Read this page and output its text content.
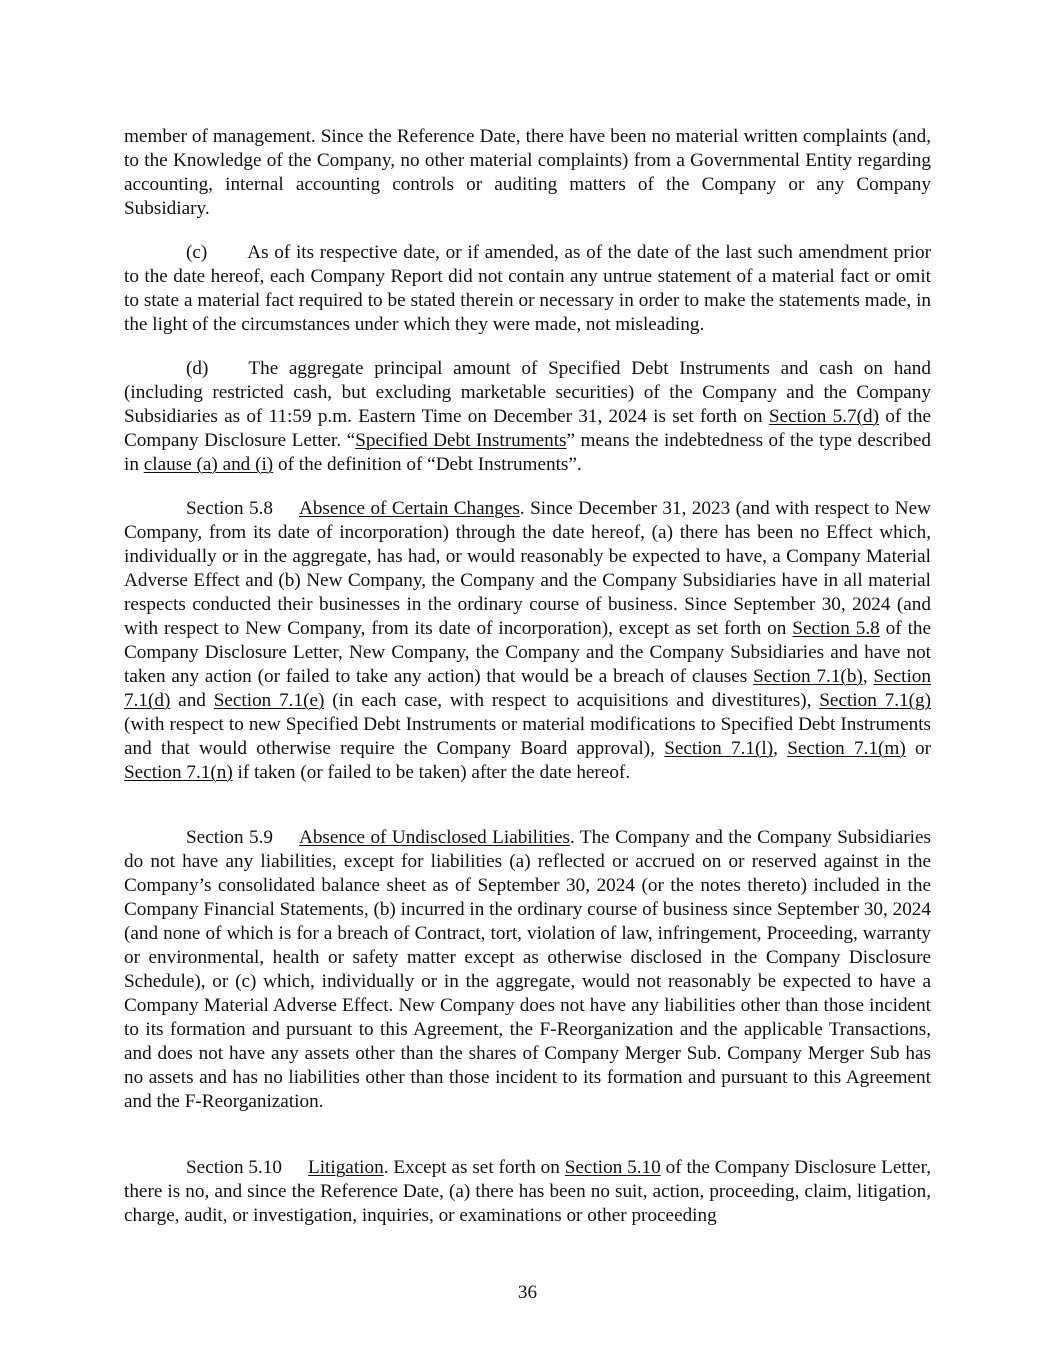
member of management. Since the Reference Date, there have been no material written complaints (and, to the Knowledge of the Company, no other material complaints) from a Governmental Entity regarding accounting, internal accounting controls or auditing matters of the Company or any Company Subsidiary.

(c) As of its respective date, or if amended, as of the date of the last such amendment prior to the date hereof, each Company Report did not contain any untrue statement of a material fact or omit to state a material fact required to be stated therein or necessary in order to make the statements made, in the light of the circumstances under which they were made, not misleading.

(d) The aggregate principal amount of Specified Debt Instruments and cash on hand (including restricted cash, but excluding marketable securities) of the Company and the Company Subsidiaries as of 11:59 p.m. Eastern Time on December 31, 2024 is set forth on Section 5.7(d) of the Company Disclosure Letter. “Specified Debt Instruments” means the indebtedness of the type described in clause (a) and (i) of the definition of “Debt Instruments”.

Section 5.8 Absence of Certain Changes. Since December 31, 2023 (and with respect to New Company, from its date of incorporation) through the date hereof, (a) there has been no Effect which, individually or in the aggregate, has had, or would reasonably be expected to have, a Company Material Adverse Effect and (b) New Company, the Company and the Company Subsidiaries have in all material respects conducted their businesses in the ordinary course of business. Since September 30, 2024 (and with respect to New Company, from its date of incorporation), except as set forth on Section 5.8 of the Company Disclosure Letter, New Company, the Company and the Company Subsidiaries and have not taken any action (or failed to take any action) that would be a breach of clauses Section 7.1(b), Section 7.1(d) and Section 7.1(e) (in each case, with respect to acquisitions and divestitures), Section 7.1(g) (with respect to new Specified Debt Instruments or material modifications to Specified Debt Instruments and that would otherwise require the Company Board approval), Section 7.1(l), Section 7.1(m) or Section 7.1(n) if taken (or failed to be taken) after the date hereof.

Section 5.9 Absence of Undisclosed Liabilities. The Company and the Company Subsidiaries do not have any liabilities, except for liabilities (a) reflected or accrued on or reserved against in the Company’s consolidated balance sheet as of September 30, 2024 (or the notes thereto) included in the Company Financial Statements, (b) incurred in the ordinary course of business since September 30, 2024 (and none of which is for a breach of Contract, tort, violation of law, infringement, Proceeding, warranty or environmental, health or safety matter except as otherwise disclosed in the Company Disclosure Schedule), or (c) which, individually or in the aggregate, would not reasonably be expected to have a Company Material Adverse Effect. New Company does not have any liabilities other than those incident to its formation and pursuant to this Agreement, the F-Reorganization and the applicable Transactions, and does not have any assets other than the shares of Company Merger Sub. Company Merger Sub has no assets and has no liabilities other than those incident to its formation and pursuant to this Agreement and the F-Reorganization.

Section 5.10 Litigation. Except as set forth on Section 5.10 of the Company Disclosure Letter, there is no, and since the Reference Date, (a) there has been no suit, action, proceeding, claim, litigation, charge, audit, or investigation, inquiries, or examinations or other proceeding

36
